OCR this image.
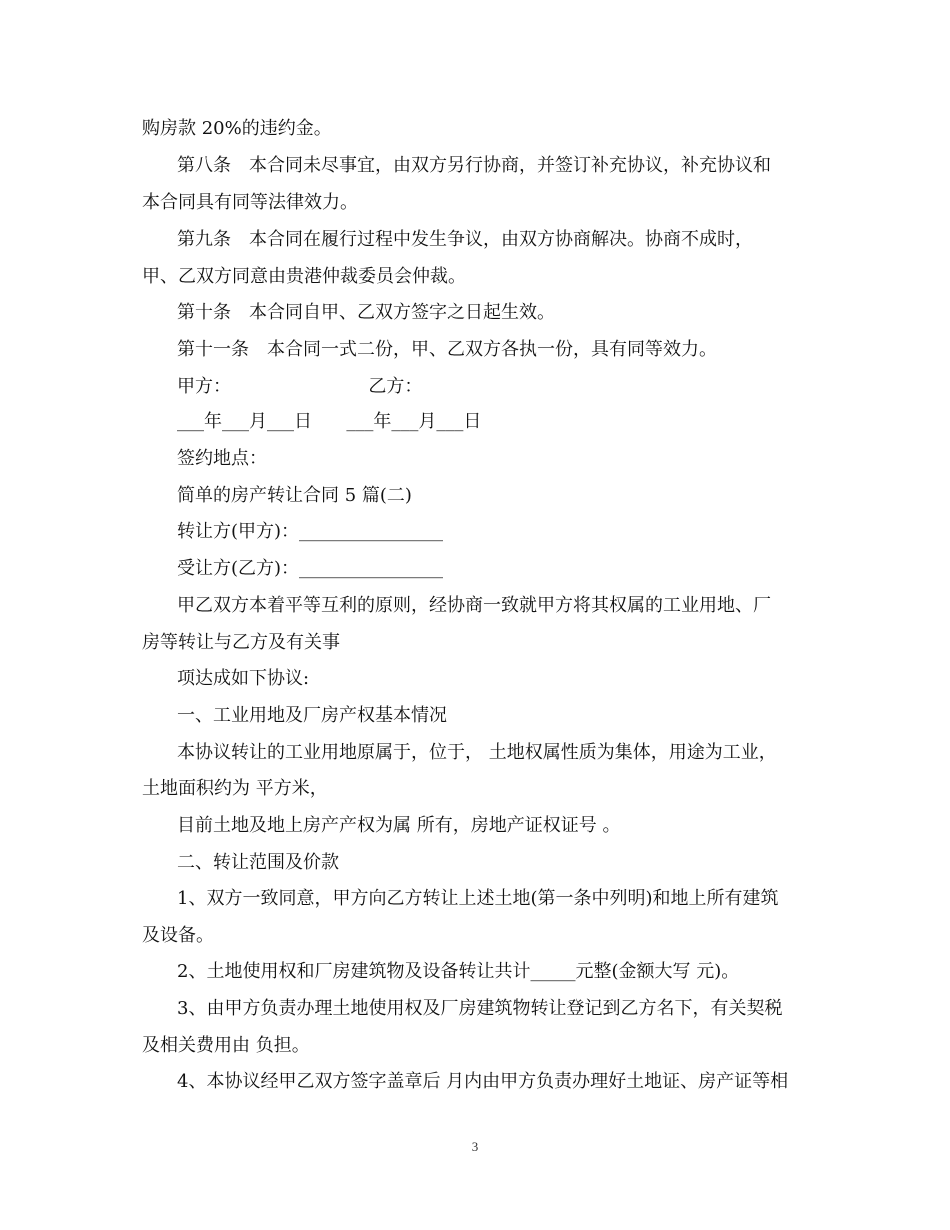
购房款 20%的违约金。
第八条　本合同未尽事宜，由双方另行协商，并签订补充协议，补充协议和
本合同具有同等法律效力。
第九条　本合同在履行过程中发生争议，由双方协商解决。协商不成时，
甲、乙双方同意由贵港仲裁委员会仲裁。
第十条　本合同自甲、乙双方签字之日起生效。
第十一条　本合同一式二份，甲、乙双方各执一份，具有同等效力。
甲方：                        乙方：
___年___月___日      ___年___月___日
签约地点：
简单的房产转让合同 5 篇(二)
转让方(甲方)：________________
受让方(乙方)：________________
甲乙双方本着平等互利的原则，经协商一致就甲方将其权属的工业用地、厂
房等转让与乙方及有关事
项达成如下协议:
一、工业用地及厂房产权基本情况
本协议转让的工业用地原属于，位于， 土地权属性质为集体，用途为工业，
土地面积约为 平方米，
目前土地及地上房产产权为属 所有，房地产证权证号 。
二、转让范围及价款
1、双方一致同意，甲方向乙方转让上述土地(第一条中列明)和地上所有建筑
及设备。
2、土地使用权和厂房建筑物及设备转让共计_____元整(金额大写 元)。
3、由甲方负责办理土地使用权及厂房建筑物转让登记到乙方名下，有关契税
及相关费用由 负担。
4、本协议经甲乙双方签字盖章后 月内由甲方负责办理好土地证、房产证等相
3
